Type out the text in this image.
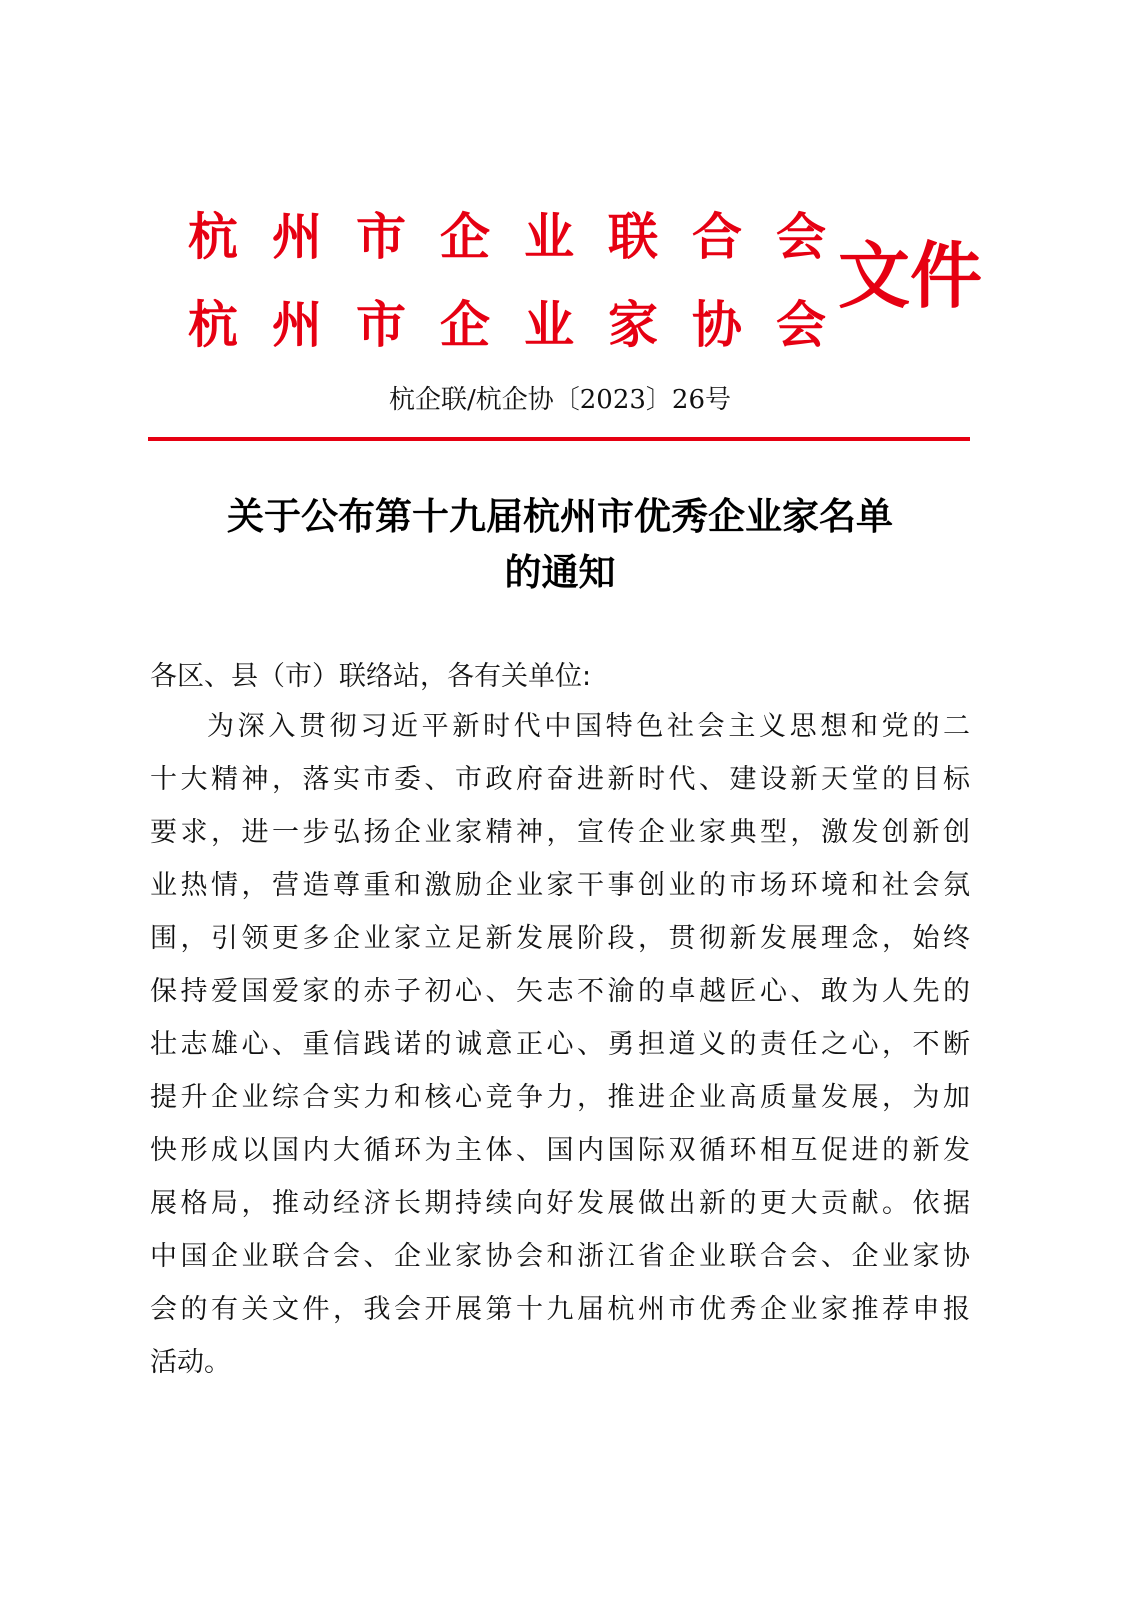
杭州市企业联合会
杭州市企业家协会
文件
杭企联/杭企协〔2023〕26号
关于公布第十九届杭州市优秀企业家名单
的通知
各区、县（市）联络站，各有关单位:
为深入贯彻习近平新时代中国特色社会主义思想和党的二
十大精神，落实市委、市政府奋进新时代、建设新天堂的目标
要求，进一步弘扬企业家精神，宣传企业家典型，激发创新创
业热情，营造尊重和激励企业家干事创业的市场环境和社会氛
围，引领更多企业家立足新发展阶段，贯彻新发展理念，始终
保持爱国爱家的赤子初心、矢志不渝的卓越匠心、敢为人先的
壮志雄心、重信践诺的诚意正心、勇担道义的责任之心，不断
提升企业综合实力和核心竞争力，推进企业高质量发展，为加
快形成以国内大循环为主体、国内国际双循环相互促进的新发
展格局，推动经济长期持续向好发展做出新的更大贡献。依据
中国企业联合会、企业家协会和浙江省企业联合会、企业家协
会的有关文件，我会开展第十九届杭州市优秀企业家推荐申报
活动。
